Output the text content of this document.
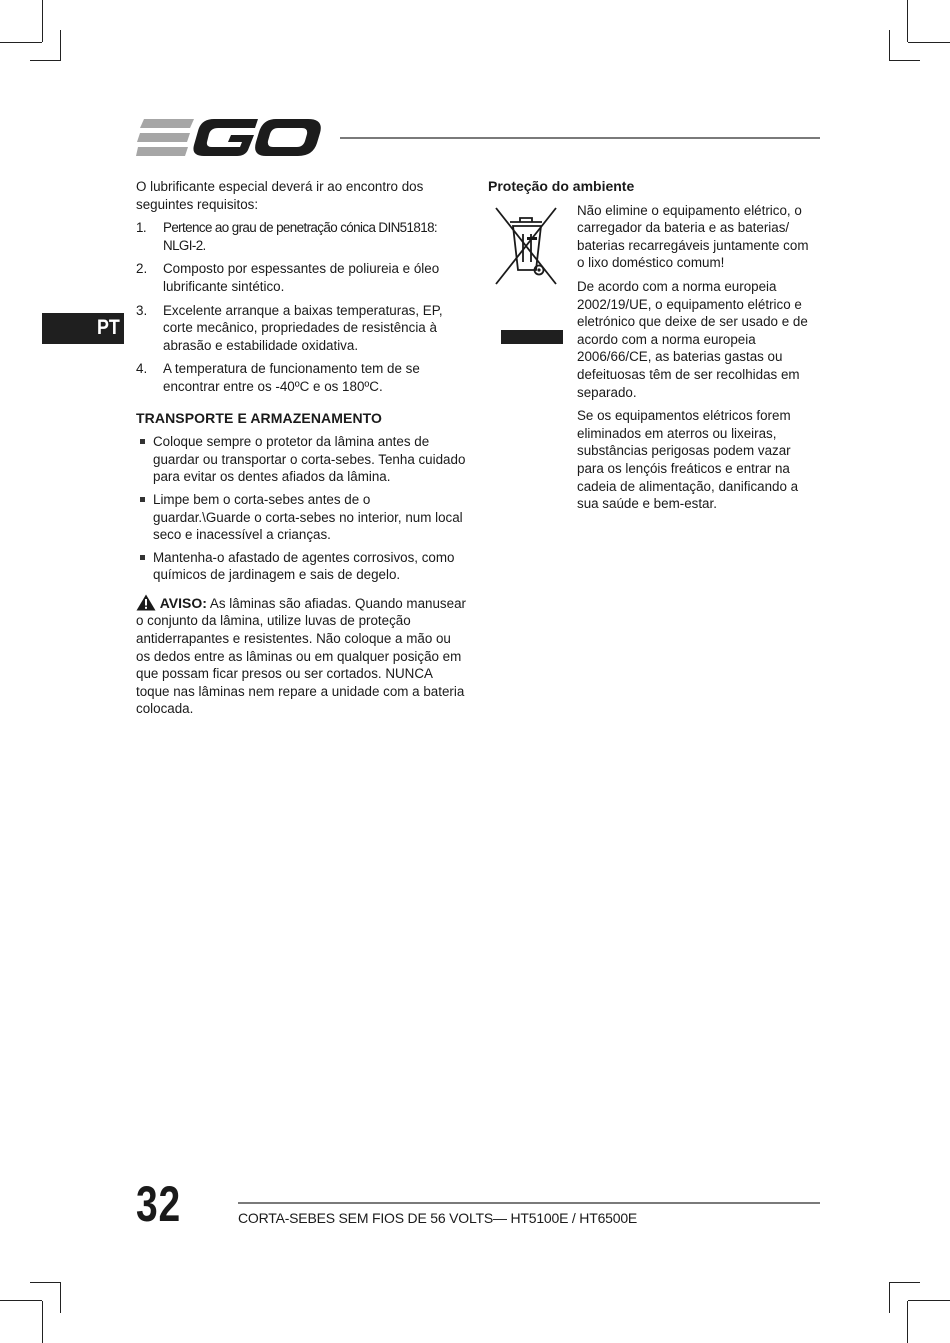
PT

O lubrificante especial deverá ir ao encontro dos seguintes requisitos:

1. Pertence ao grau de penetração cónica DIN51818: NLGI-2.
2. Composto por espessantes de poliureia e óleo lubrificante sintético.
3. Excelente arranque a baixas temperaturas, EP, corte mecânico, propriedades de resistência à abrasão e estabilidade oxidativa.
4. A temperatura de funcionamento tem de se encontrar entre os -40ºC e os 180ºC.
TRANSPORTE E ARMAZENAMENTO
Coloque sempre o protetor da lâmina antes de guardar ou transportar o corta-sebes. Tenha cuidado para evitar os dentes afiados da lâmina.
Limpe bem o corta-sebes antes de o guardar.\Guarde o corta-sebes no interior, num local seco e inacessível a crianças.
Mantenha-o afastado de agentes corrosivos, como químicos de jardinagem e sais de degelo.

AVISO: As lâminas são afiadas. Quando manusear o conjunto da lâmina, utilize luvas de proteção antiderrapantes e resistentes. Não coloque a mão ou os dedos entre as lâminas ou em qualquer posição em que possam ficar presos ou ser cortados. NUNCA toque nas lâminas nem repare a unidade com a bateria colocada.

Proteção do ambiente

Não elimine o equipamento elétrico, o carregador da bateria e as baterias/ baterias recarregáveis juntamente com o lixo doméstico comum!

De acordo com a norma europeia 2002/19/UE, o equipamento elétrico e eletrónico que deixe de ser usado e de acordo com a norma europeia 2006/66/CE, as baterias gastas ou defeituosas têm de ser recolhidas em separado.

Se os equipamentos elétricos forem eliminados em aterros ou lixeiras, substâncias perigosas podem vazar para os lençóis freáticos e entrar na cadeia de alimentação, danificando a sua saúde e bem-estar.

32	CORTA-SEBES SEM FIOS DE 56 VOLTS— HT5100E / HT6500E
